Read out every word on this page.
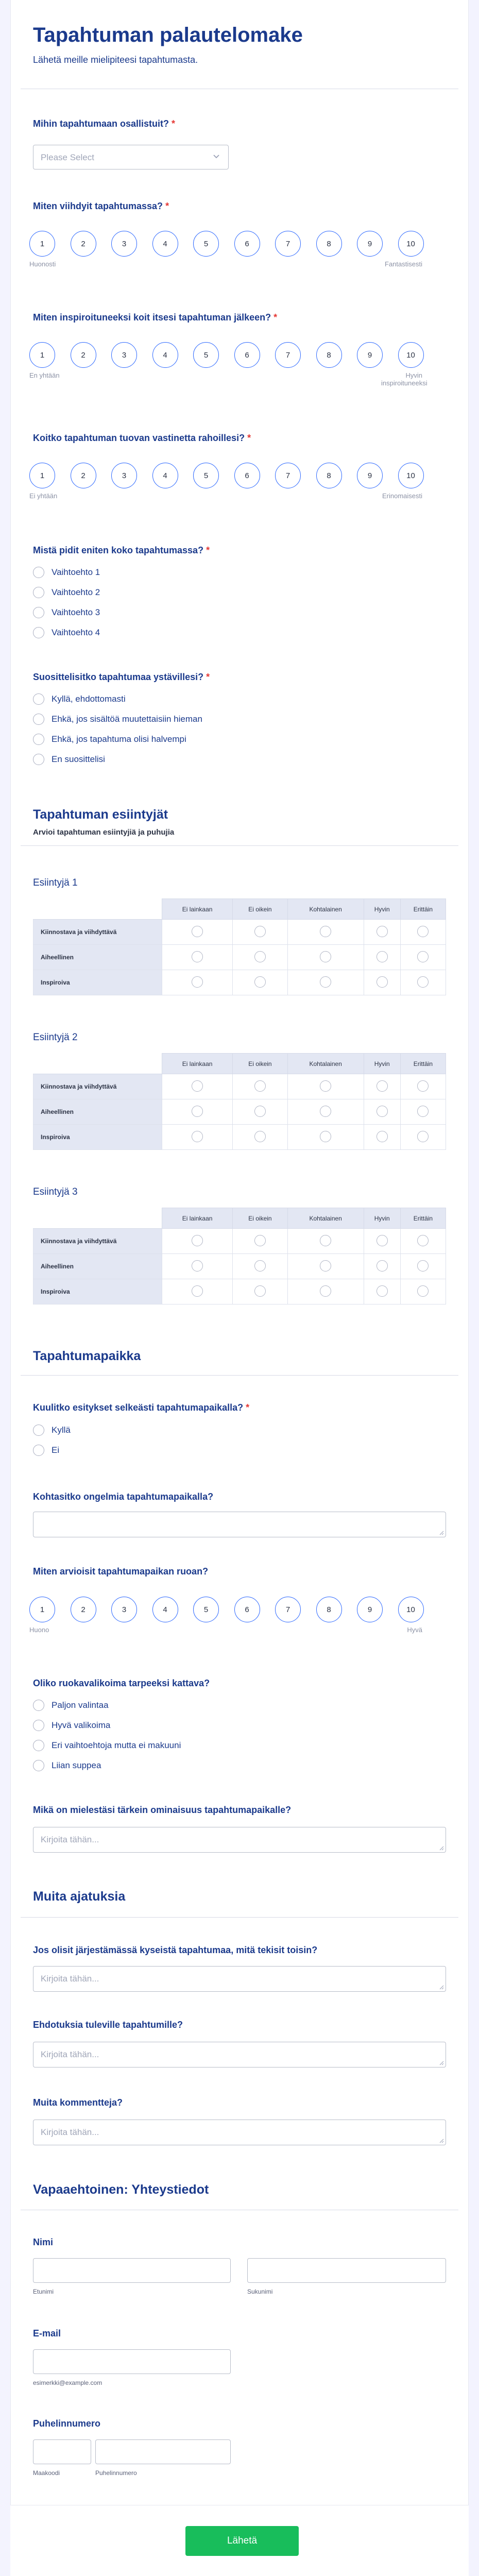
Tapahtuman palautelomake
Lähetä meille mielipiteesi tapahtumasta.
Mihin tapahtumaan osallistuit? *
Please Select
Miten viihdyit tapahtumassa? *
1	2	3	4	5	6	7	8	9	10
Huonosti	Fantastisesti
Miten inspiroituneeksi koit itsesi tapahtuman jälkeen? *
1	2	3	4	5	6	7	8	9	10
En yhtään	Hyvin inspiroituneeksi
Koitko tapahtuman tuovan vastinetta rahoillesi? *
1	2	3	4	5	6	7	8	9	10
Ei yhtään	Erinomaisesti
Mistä pidit eniten koko tapahtumassa? *
Vaihtoehto 1
Vaihtoehto 2
Vaihtoehto 3
Vaihtoehto 4
Suosittelisitko tapahtumaa ystävillesi? *
Kyllä, ehdottomasti
Ehkä, jos sisältöä muutettaisiin hieman
Ehkä, jos tapahtuma olisi halvempi
En suosittelisi
Tapahtuman esiintyjät
Arvioi tapahtuman esiintyjiä ja puhujia
Esiintyjä 1
	Ei lainkaan	Ei oikein	Kohtalainen	Hyvin	Erittäin
Kiinnostava ja viihdyttävä					
Aiheellinen					
Inspiroiva					
Esiintyjä 2
	Ei lainkaan	Ei oikein	Kohtalainen	Hyvin	Erittäin
Kiinnostava ja viihdyttävä					
Aiheellinen					
Inspiroiva					
Esiintyjä 3
	Ei lainkaan	Ei oikein	Kohtalainen	Hyvin	Erittäin
Kiinnostava ja viihdyttävä					
Aiheellinen					
Inspiroiva					
Tapahtumapaikka
Kuulitko esitykset selkeästi tapahtumapaikalla? *
Kyllä
Ei
Kohtasitko ongelmia tapahtumapaikalla?
Miten arvioisit tapahtumapaikan ruoan?
1	2	3	4	5	6	7	8	9	10
Huono	Hyvä
Oliko ruokavalikoima tarpeeksi kattava?
Paljon valintaa
Hyvä valikoima
Eri vaihtoehtoja mutta ei makuuni
Liian suppea
Mikä on mielestäsi tärkein ominaisuus tapahtumapaikalle?
Kirjoita tähän...
Muita ajatuksia
Jos olisit järjestämässä kyseistä tapahtumaa, mitä tekisit toisin?
Kirjoita tähän...
Ehdotuksia tuleville tapahtumille?
Kirjoita tähän...
Muita kommentteja?
Kirjoita tähän...
Vapaaehtoinen: Yhteystiedot
Nimi
Etunimi	Sukunimi
E-mail
esimerkki@example.com
Puhelinnumero
Maakoodi	Puhelinnumero
Lähetä
